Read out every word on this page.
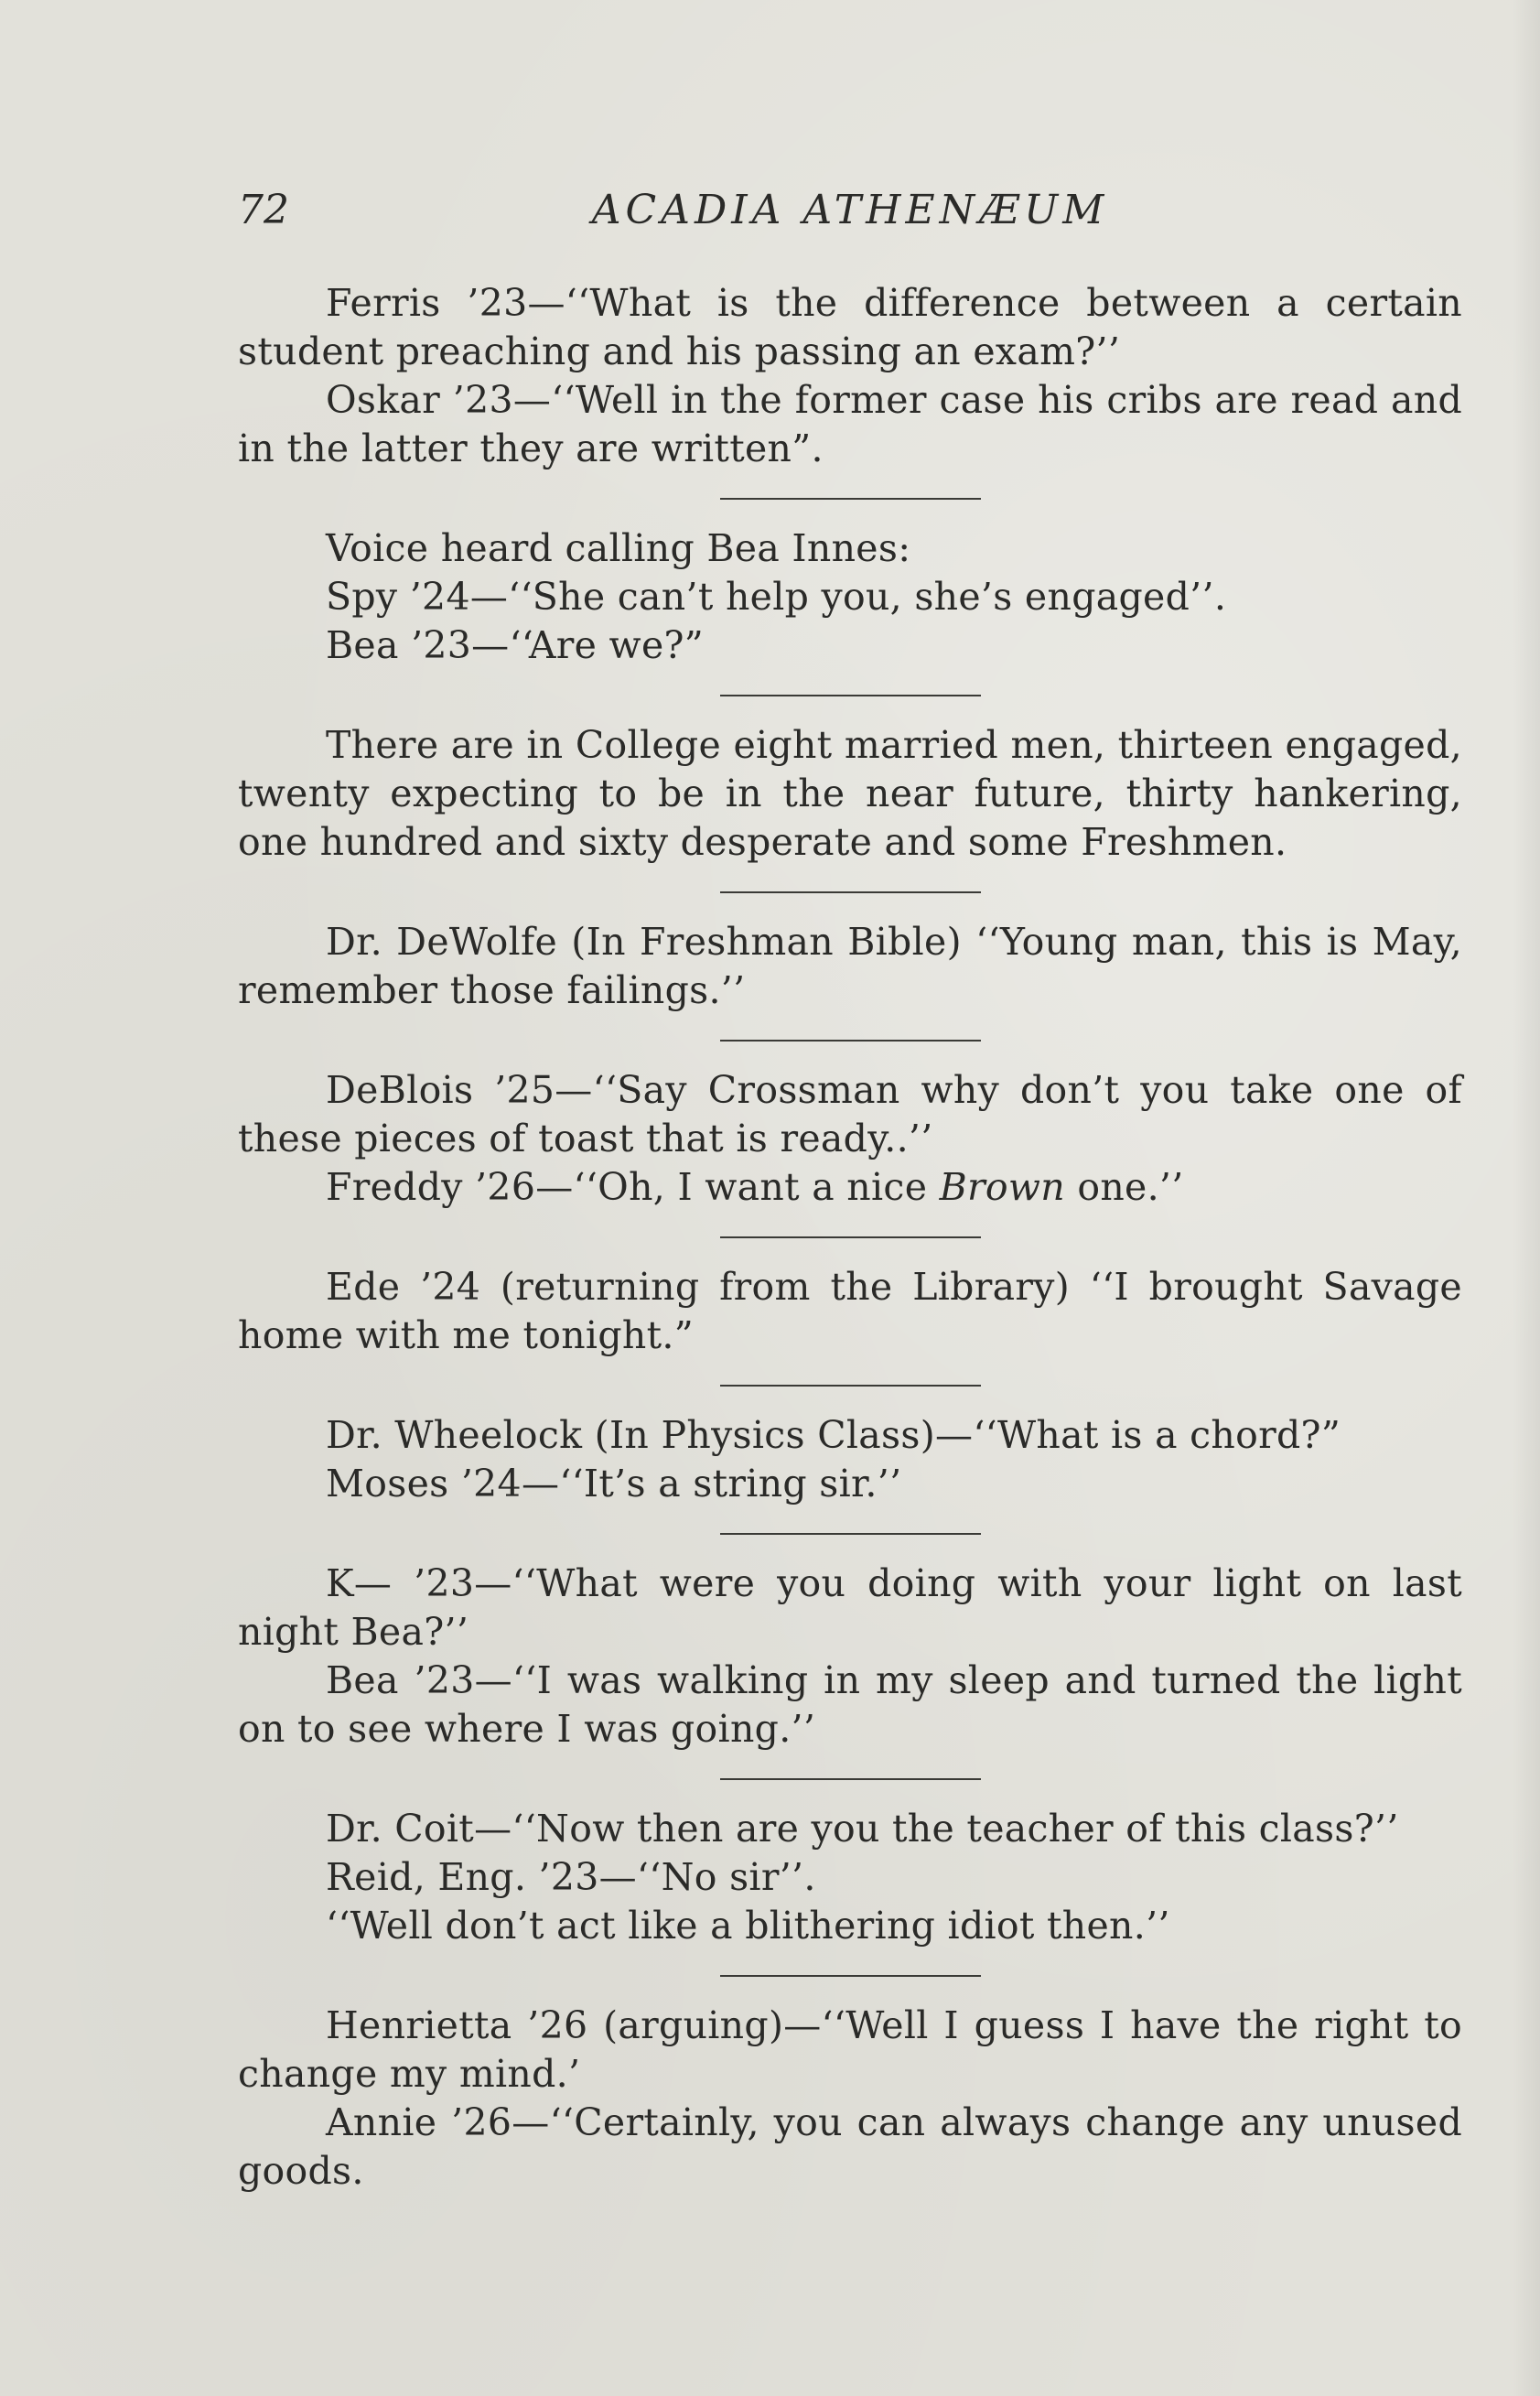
72	ACADIA ATHENÆUM

Ferris ’23—‘‘What is the difference between a certain student preaching and his passing an exam?’’

Oskar ’23—‘‘Well in the former case his cribs are read and in the latter they are written”.

Voice heard calling Bea Innes:

Spy ’24—‘‘She can’t help you, she’s engaged’’.

Bea ’23—‘‘Are we?”

There are in College eight married men, thirteen engaged, twenty expecting to be in the near future, thirty hankering, one hundred and sixty desperate and some Freshmen.

Dr. DeWolfe (In Freshman Bible) ‘‘Young man, this is May, remember those failings.’’

DeBlois ’25—‘‘Say Crossman why don’t you take one of these pieces of toast that is ready..’’

Freddy ’26—‘‘Oh, I want a nice Brown one.’’

Ede ’24 (returning from the Library) ‘‘I brought Savage home with me tonight.”

Dr. Wheelock (In Physics Class)—‘‘What is a chord?”

Moses ’24—‘‘It’s a string sir.’’

K— ’23—‘‘What were you doing with your light on last night Bea?’’

Bea ’23—‘‘I was walking in my sleep and turned the light on to see where I was going.’’

Dr. Coit—‘‘Now then are you the teacher of this class?’’

Reid, Eng. ’23—‘‘No sir’’.

‘‘Well don’t act like a blithering idiot then.’’

Henrietta ’26 (arguing)—‘‘Well I guess I have the right to change my mind.’

Annie ’26—‘‘Certainly, you can always change any unused goods.
